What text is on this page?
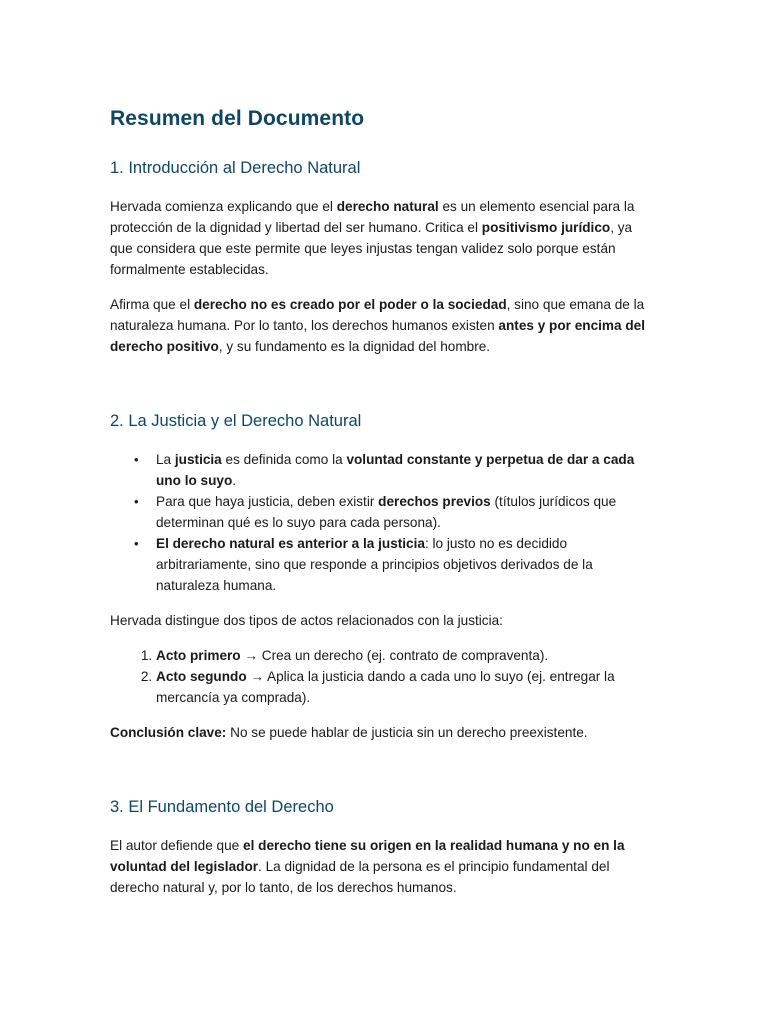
Resumen del Documento
1. Introducción al Derecho Natural

Hervada comienza explicando que el derecho natural es un elemento esencial para la protección de la dignidad y libertad del ser humano. Critica el positivismo jurídico, ya que considera que este permite que leyes injustas tengan validez solo porque están formalmente establecidas.

Afirma que el derecho no es creado por el poder o la sociedad, sino que emana de la naturaleza humana. Por lo tanto, los derechos humanos existen antes y por encima del derecho positivo, y su fundamento es la dignidad del hombre.

2. La Justicia y el Derecho Natural
• La justicia es definida como la voluntad constante y perpetua de dar a cada uno lo suyo.
• Para que haya justicia, deben existir derechos previos (títulos jurídicos que determinan qué es lo suyo para cada persona).
• El derecho natural es anterior a la justicia: lo justo no es decidido arbitrariamente, sino que responde a principios objetivos derivados de la naturaleza humana.

Hervada distingue dos tipos de actos relacionados con la justicia:

1. Acto primero → Crea un derecho (ej. contrato de compraventa).
2. Acto segundo → Aplica la justicia dando a cada uno lo suyo (ej. entregar la mercancía ya comprada).

Conclusión clave: No se puede hablar de justicia sin un derecho preexistente.

3. El Fundamento del Derecho

El autor defiende que el derecho tiene su origen en la realidad humana y no en la voluntad del legislador. La dignidad de la persona es el principio fundamental del derecho natural y, por lo tanto, de los derechos humanos.
